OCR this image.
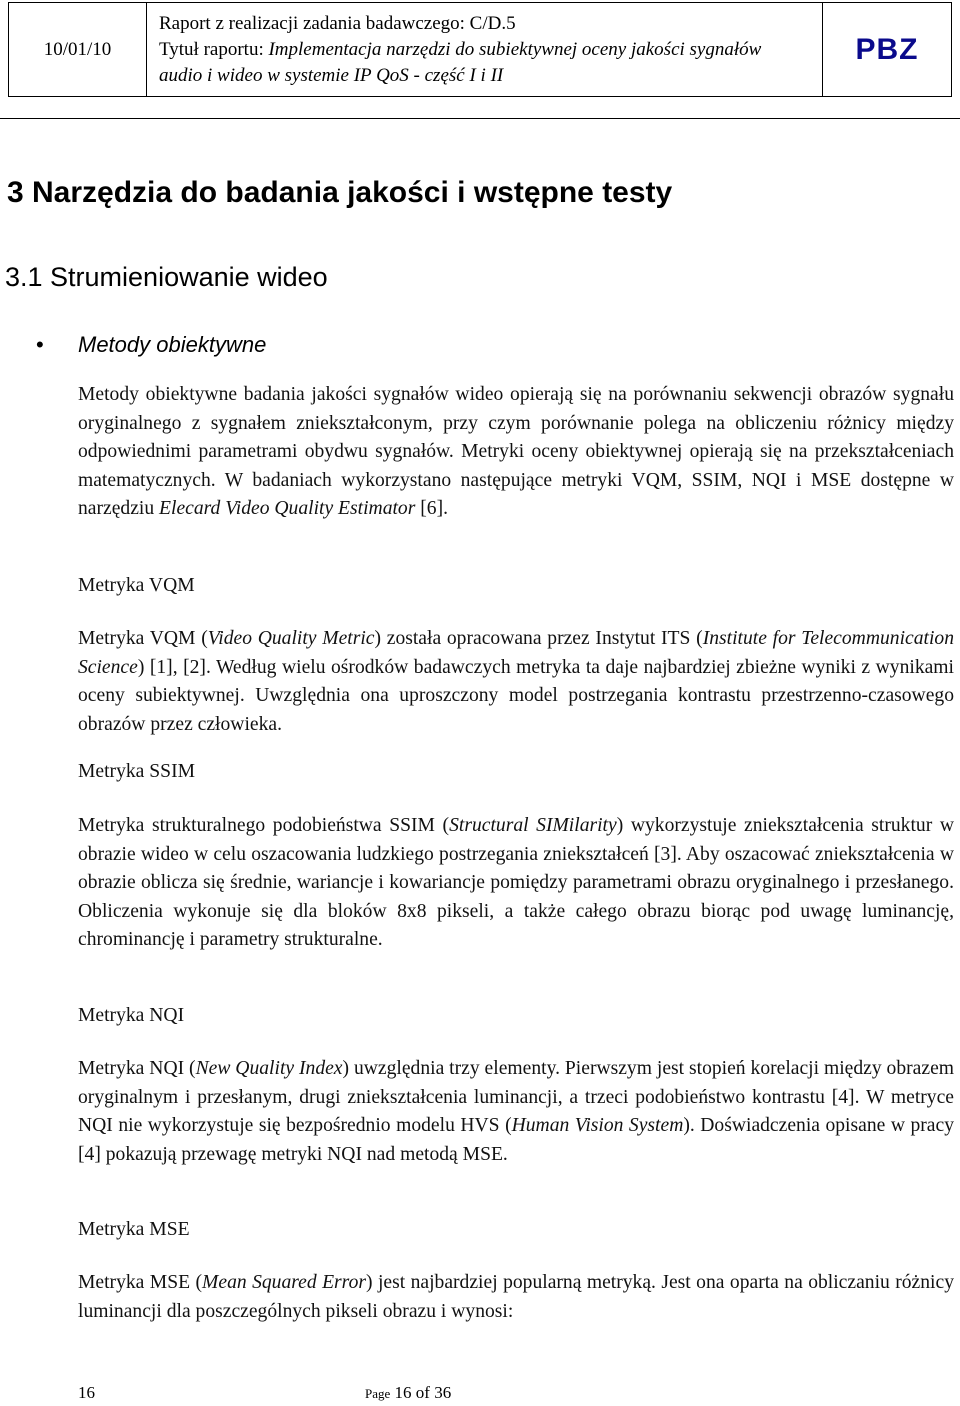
10/01/10
Raport z realizacji zadania badawczego: C/D.5
Tytuł raportu: Implementacja narzędzi do subiektywnej oceny jakości sygnałów
audio i wideo w systemie IP QoS - część I i II
PBZ
3 Narzędzia do badania jakości i wstępne testy
3.1 Strumieniowanie wideo
• Metody obiektywne
Metody obiektywne badania jakości sygnałów wideo opierają się na porównaniu sekwencji obrazów sygnału oryginalnego z sygnałem zniekształconym, przy czym porównanie polega na obliczeniu różnicy między odpowiednimi parametrami obydwu sygnałów. Metryki oceny obiektywnej opierają się na przekształceniach matematycznych. W badaniach wykorzystano następujące metryki VQM, SSIM, NQI i MSE dostępne w narzędziu Elecard Video Quality Estimator [6].
Metryka VQM
Metryka VQM (Video Quality Metric) została opracowana przez Instytut ITS (Institute for Telecommunication Science) [1], [2]. Według wielu ośrodków badawczych metryka ta daje najbardziej zbieżne wyniki z wynikami oceny subiektywnej. Uwzględnia ona uproszczony model postrzegania kontrastu przestrzenno-czasowego obrazów przez człowieka.
Metryka SSIM
Metryka strukturalnego podobieństwa SSIM (Structural SIMilarity) wykorzystuje zniekształcenia struktur w obrazie wideo w celu oszacowania ludzkiego postrzegania zniekształceń [3]. Aby oszacować zniekształcenia w obrazie oblicza się średnie, wariancje i kowariancje pomiędzy parametrami obrazu oryginalnego i przesłanego. Obliczenia wykonuje się dla bloków 8x8 pikseli, a także całego obrazu biorąc pod uwagę luminancję, chrominancję i parametry strukturalne.
Metryka NQI
Metryka NQI (New Quality Index) uwzględnia trzy elementy. Pierwszym jest stopień korelacji między obrazem oryginalnym i przesłanym, drugi zniekształcenia luminancji, a trzeci podobieństwo kontrastu [4]. W metryce NQI nie wykorzystuje się bezpośrednio modelu HVS (Human Vision System). Doświadczenia opisane w pracy [4] pokazują przewagę metryki NQI nad metodą MSE.
Metryka MSE
Metryka MSE (Mean Squared Error) jest najbardziej popularną metryką. Jest ona oparta na obliczaniu różnicy luminancji dla poszczególnych pikseli obrazu i wynosi:
16	Page 16 of 36
